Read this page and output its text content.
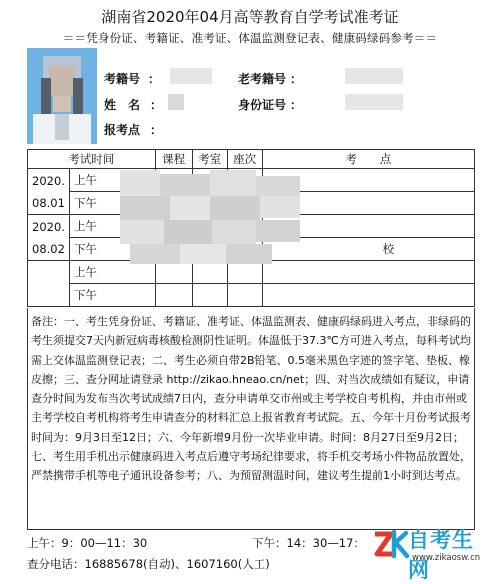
湖南省2020年04月高等教育自学考试准考证
＝＝凭身份证、考籍证、准考证、体温监测登记表、健康码绿码参考＝＝
考籍号 ：	老考籍号 ：
姓　名 ：	身份证号 ：
报考点 ：
考试时间		课程	考室	座次	考　　点
2020.
08.01	上午				
	下午				
2020.
08.02	上午				
	下午				校
	上午				
	下午				
备注：一、考生凭身份证、考籍证、准考证、体温监测表、健康码绿码进入考点，非绿码的考生须提交7天内新冠病毒核酸检测阴性证明。体温低于37.3℃方可进入考点，每科考试均需上交体温监测登记表；二、考生必须自带2B铅笔、0.5毫米黑色字迹的签字笔、垫板、橡皮擦；三、查分网址请登录 http://zikao.hneao.cn/net；四、对当次成绩如有疑议，申请查分时间为发布当次考试成绩7日内，查分申请单交市州或主考学校自考机构，并由市州或主考学校自考机构将考生申请查分的材料汇总上报省教育考试院。五、今年十月份考试报考时间为：9月3日至12日；六、今年新增9月份一次毕业申请。时间：8月27日至9月2日；七、考生用手机出示健康码进入考点后遵守考场纪律要求，将手机交考场小件物品放置处，严禁携带手机等电子通讯设备参考；八、为预留测温时间，建议考生提前1小时到达考点。
上午：9：00—11：30	下午：14：30—17：
查分电话：16885678(自动)、1607160(人工)
自考生网
www.zikaosw.cn
